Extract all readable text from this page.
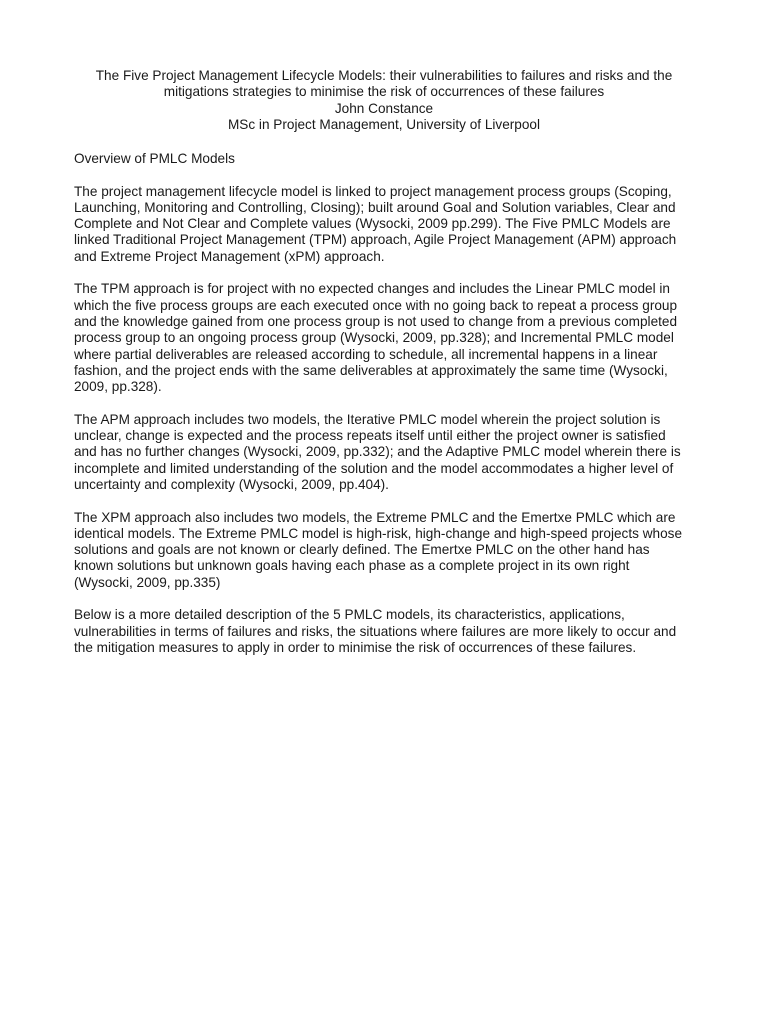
The Five Project Management Lifecycle Models: their vulnerabilities to failures and risks and the
mitigations strategies to minimise the risk of occurrences of these failures
John Constance
MSc in Project Management, University of Liverpool
Overview of PMLC Models

The project management lifecycle model is linked to project management process groups (Scoping,
Launching, Monitoring and Controlling, Closing); built around Goal and Solution variables, Clear and
Complete and Not Clear and Complete values (Wysocki, 2009 pp.299). The Five PMLC Models are
linked Traditional Project Management (TPM) approach, Agile Project Management (APM) approach
and Extreme Project Management (xPM) approach.

The TPM approach is for project with no expected changes and includes the Linear PMLC model in
which the five process groups are each executed once with no going back to repeat a process group
and the knowledge gained from one process group is not used to change from a previous completed
process group to an ongoing process group (Wysocki, 2009, pp.328); and Incremental PMLC model
where partial deliverables are released according to schedule, all incremental happens in a linear
fashion, and the project ends with the same deliverables at approximately the same time (Wysocki,
2009, pp.328).

The APM approach includes two models, the Iterative PMLC model wherein the project solution is
unclear, change is expected and the process repeats itself until either the project owner is satisfied
and has no further changes (Wysocki, 2009, pp.332); and the Adaptive PMLC model wherein there is
incomplete and limited understanding of the solution and the model accommodates a higher level of
uncertainty and complexity (Wysocki, 2009, pp.404).

The XPM approach also includes two models, the Extreme PMLC and the Emertxe PMLC which are
identical models. The Extreme PMLC model is high-risk, high-change and high-speed projects whose
solutions and goals are not known or clearly defined. The Emertxe PMLC on the other hand has
known solutions but unknown goals having each phase as a complete project in its own right
(Wysocki, 2009, pp.335)

Below is a more detailed description of the 5 PMLC models, its characteristics, applications,
vulnerabilities in terms of failures and risks, the situations where failures are more likely to occur and
the mitigation measures to apply in order to minimise the risk of occurrences of these failures.
